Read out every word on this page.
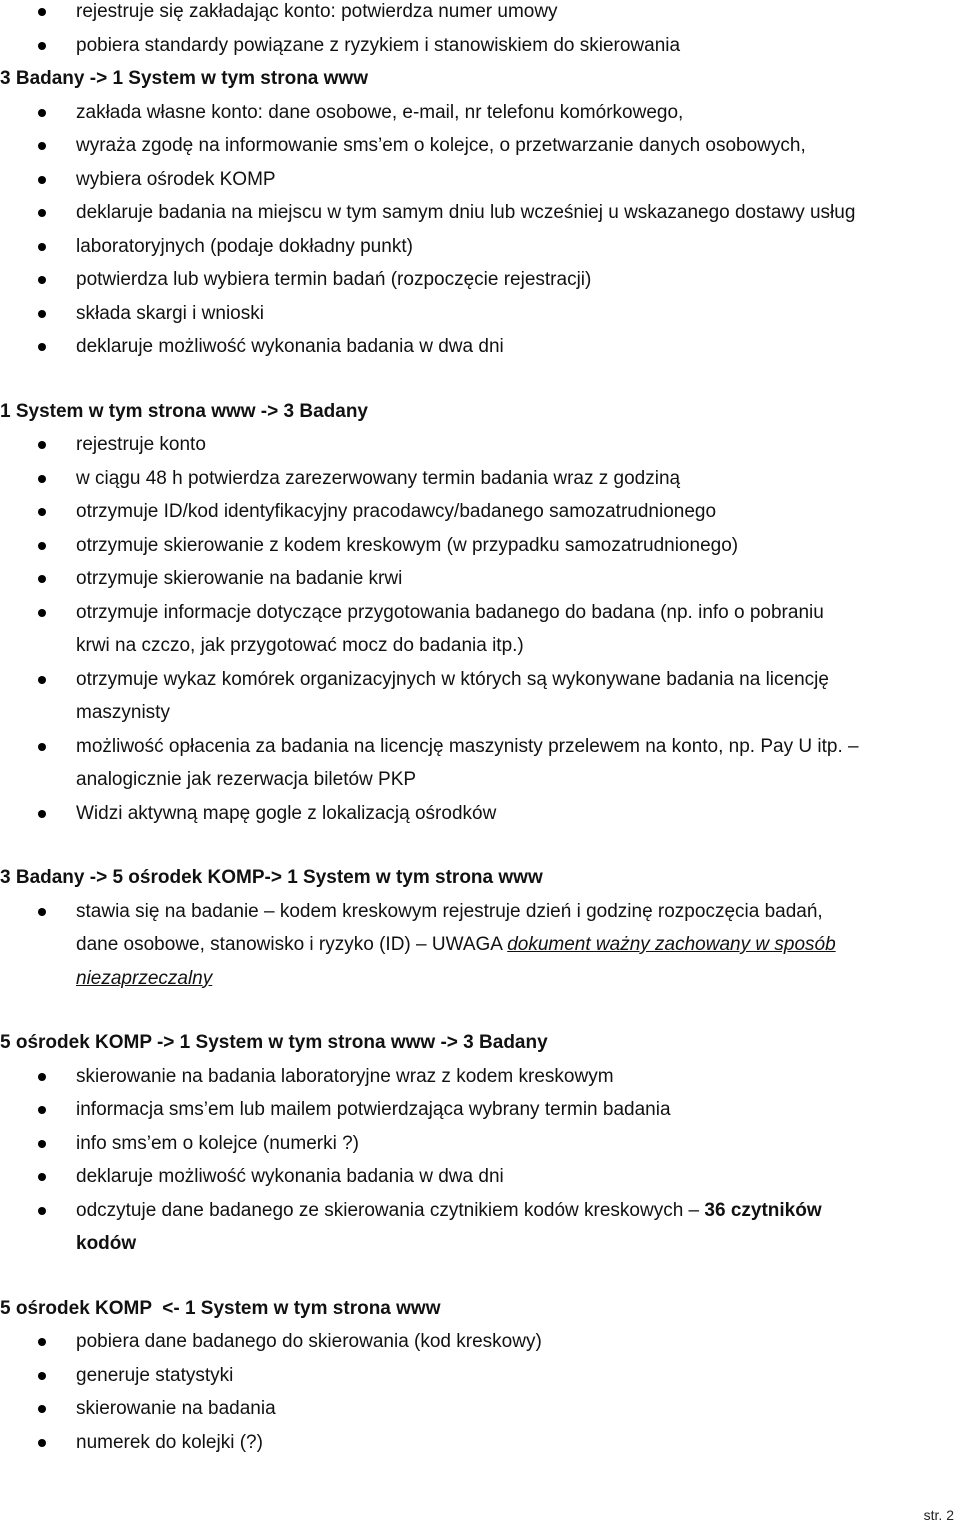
rejestruje się zakładając konto: potwierdza numer umowy
pobiera standardy powiązane z ryzykiem i stanowiskiem do skierowania
3 Badany -> 1 System w tym strona www
zakłada własne konto: dane osobowe, e-mail, nr telefonu komórkowego,
wyraża zgodę na informowanie sms’em o kolejce, o przetwarzanie danych osobowych,
wybiera ośrodek KOMP
deklaruje badania na miejscu w tym samym dniu lub wcześniej u wskazanego dostawy usług
laboratoryjnych (podaje dokładny punkt)
potwierdza lub wybiera termin badań (rozpoczęcie rejestracji)
składa skargi i wnioski
deklaruje możliwość wykonania badania w dwa dni
1 System w tym strona www -> 3 Badany
rejestruje konto
w ciągu 48 h potwierdza zarezerwowany termin badania wraz z godziną
otrzymuje ID/kod identyfikacyjny pracodawcy/badanego samozatrudnionego
otrzymuje skierowanie z kodem kreskowym (w przypadku samozatrudnionego)
otrzymuje skierowanie na badanie krwi
otrzymuje informacje dotyczące przygotowania badanego do badana (np. info o pobraniu
krwi na czczo, jak przygotować mocz do badania itp.)
otrzymuje wykaz komórek organizacyjnych w których są wykonywane badania na licencję
maszynisty
możliwość opłacenia za badania na licencję maszynisty przelewem na konto, np. Pay U itp. –
analogicznie jak rezerwacja biletów PKP
Widzi aktywną mapę gogle z lokalizacją ośrodków
3 Badany -> 5 ośrodek KOMP-> 1 System w tym strona www
stawia się na badanie – kodem kreskowym rejestruje dzień i godzinę rozpoczęcia badań,
dane osobowe, stanowisko i ryzyko (ID) – UWAGA dokument ważny zachowany w sposób
niezaprzeczalny
5 ośrodek KOMP -> 1 System w tym strona www -> 3 Badany
skierowanie na badania laboratoryjne wraz z kodem kreskowym
informacja sms’em lub mailem potwierdzająca wybrany termin badania
info sms’em o kolejce (numerki ?)
deklaruje możliwość wykonania badania w dwa dni
odczytuje dane badanego ze skierowania czytnikiem kodów kreskowych – 36 czytników
kodów
5 ośrodek KOMP  <- 1 System w tym strona www
pobiera dane badanego do skierowania (kod kreskowy)
generuje statystyki
skierowanie na badania
numerek do kolejki (?)
str. 2
